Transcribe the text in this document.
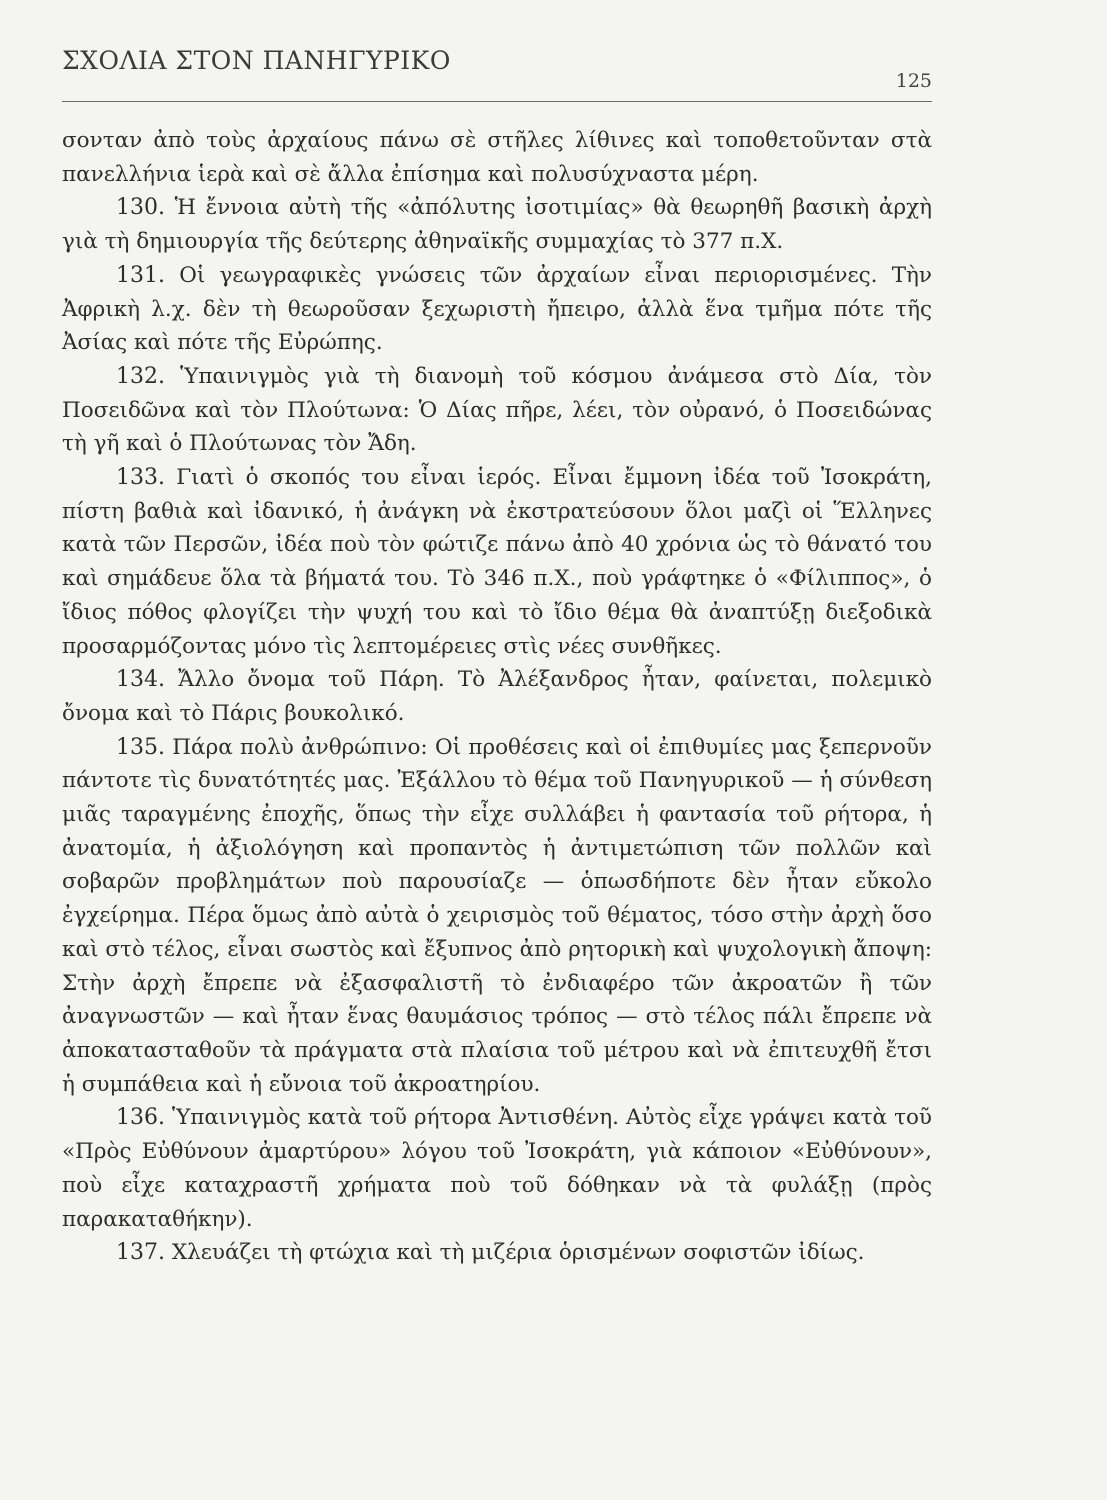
ΣΧΟΛΙΑ ΣΤΟΝ ΠΑΝΗΓΥΡΙΚΟ
125

σονταν ἀπὸ τοὺς ἀρχαίους πάνω σὲ στῆλες λίθινες καὶ τοποθετοῦνταν στὰ πανελλήνια ἱερὰ καὶ σὲ ἄλλα ἐπίσημα καὶ πολυσύχναστα μέρη.

130. Ἡ ἔννοια αὐτὴ τῆς «ἀπόλυτης ἰσοτιμίας» θὰ θεωρηθῆ βασικὴ ἀρχὴ γιὰ τὴ δημιουργία τῆς δεύτερης ἀθηναϊκῆς συμμαχίας τὸ 377 π.Χ.

131. Οἱ γεωγραφικὲς γνώσεις τῶν ἀρχαίων εἶναι περιορισμένες. Τὴν Ἀφρικὴ λ.χ. δὲν τὴ θεωροῦσαν ξεχωριστὴ ἤπειρο, ἀλλὰ ἕνα τμῆμα πότε τῆς Ἀσίας καὶ πότε τῆς Εὐρώπης.

132. Ὑπαινιγμὸς γιὰ τὴ διανομὴ τοῦ κόσμου ἀνάμεσα στὸ Δία, τὸν Ποσειδῶνα καὶ τὸν Πλούτωνα: Ὁ Δίας πῆρε, λέει, τὸν οὐρανό, ὁ Ποσειδώνας τὴ γῆ καὶ ὁ Πλούτωνας τὸν Ἄδη.

133. Γιατὶ ὁ σκοπός του εἶναι ἱερός. Εἶναι ἔμμονη ἰδέα τοῦ Ἰσοκράτη, πίστη βαθιὰ καὶ ἰδανικό, ἡ ἀνάγκη νὰ ἐκστρατεύσουν ὅλοι μαζὶ οἱ Ἕλληνες κατὰ τῶν Περσῶν, ἰδέα ποὺ τὸν φώτιζε πάνω ἀπὸ 40 χρόνια ὡς τὸ θάνατό του καὶ σημάδευε ὅλα τὰ βήματά του. Τὸ 346 π.Χ., ποὺ γράφτηκε ὁ «Φίλιππος», ὁ ἴδιος πόθος φλογίζει τὴν ψυχή του καὶ τὸ ἴδιο θέμα θὰ ἀναπτύξῃ διεξοδικὰ προσαρμόζοντας μόνο τὶς λεπτομέρειες στὶς νέες συνθῆκες.

134. Ἄλλο ὄνομα τοῦ Πάρη. Τὸ Ἀλέξανδρος ἦταν, φαίνεται, πολεμικὸ ὄνομα καὶ τὸ Πάρις βουκολικό.

135. Πάρα πολὺ ἀνθρώπινο: Οἱ προθέσεις καὶ οἱ ἐπιθυμίες μας ξεπερνοῦν πάντοτε τὶς δυνατότητές μας. Ἐξάλλου τὸ θέμα τοῦ Πανηγυρικοῦ — ἡ σύνθεση μιᾶς ταραγμένης ἐποχῆς, ὅπως τὴν εἶχε συλλάβει ἡ φαντασία τοῦ ρήτορα, ἡ ἀνατομία, ἡ ἀξιολόγηση καὶ προπαντὸς ἡ ἀντιμετώπιση τῶν πολλῶν καὶ σοβαρῶν προβλημάτων ποὺ παρουσίαζε — ὁπωσδήποτε δὲν ἦταν εὔκολο ἐγχείρημα. Πέρα ὅμως ἀπὸ αὐτὰ ὁ χειρισμὸς τοῦ θέματος, τόσο στὴν ἀρχὴ ὅσο καὶ στὸ τέλος, εἶναι σωστὸς καὶ ἔξυπνος ἀπὸ ρητορικὴ καὶ ψυχολογικὴ ἄποψη: Στὴν ἀρχὴ ἔπρεπε νὰ ἐξασφαλιστῆ τὸ ἐνδιαφέρο τῶν ἀκροατῶν ἢ τῶν ἀναγνωστῶν — καὶ ἦταν ἕνας θαυμάσιος τρόπος — στὸ τέλος πάλι ἔπρεπε νὰ ἀποκατασταθοῦν τὰ πράγματα στὰ πλαίσια τοῦ μέτρου καὶ νὰ ἐπιτευχθῆ ἔτσι ἡ συμπάθεια καὶ ἡ εὔνοια τοῦ ἀκροατηρίου.

136. Ὑπαινιγμὸς κατὰ τοῦ ρήτορα Ἀντισθένη. Αὐτὸς εἶχε γράψει κατὰ τοῦ «Πρὸς Εὐθύνουν ἀμαρτύρου» λόγου τοῦ Ἰσοκράτη, γιὰ κάποιον «Εὐθύνουν», ποὺ εἶχε καταχραστῆ χρήματα ποὺ τοῦ δόθηκαν νὰ τὰ φυλάξῃ (πρὸς παρακαταθήκην).

137. Χλευάζει τὴ φτώχια καὶ τὴ μιζέρια ὁρισμένων σοφιστῶν ἰδίως.
